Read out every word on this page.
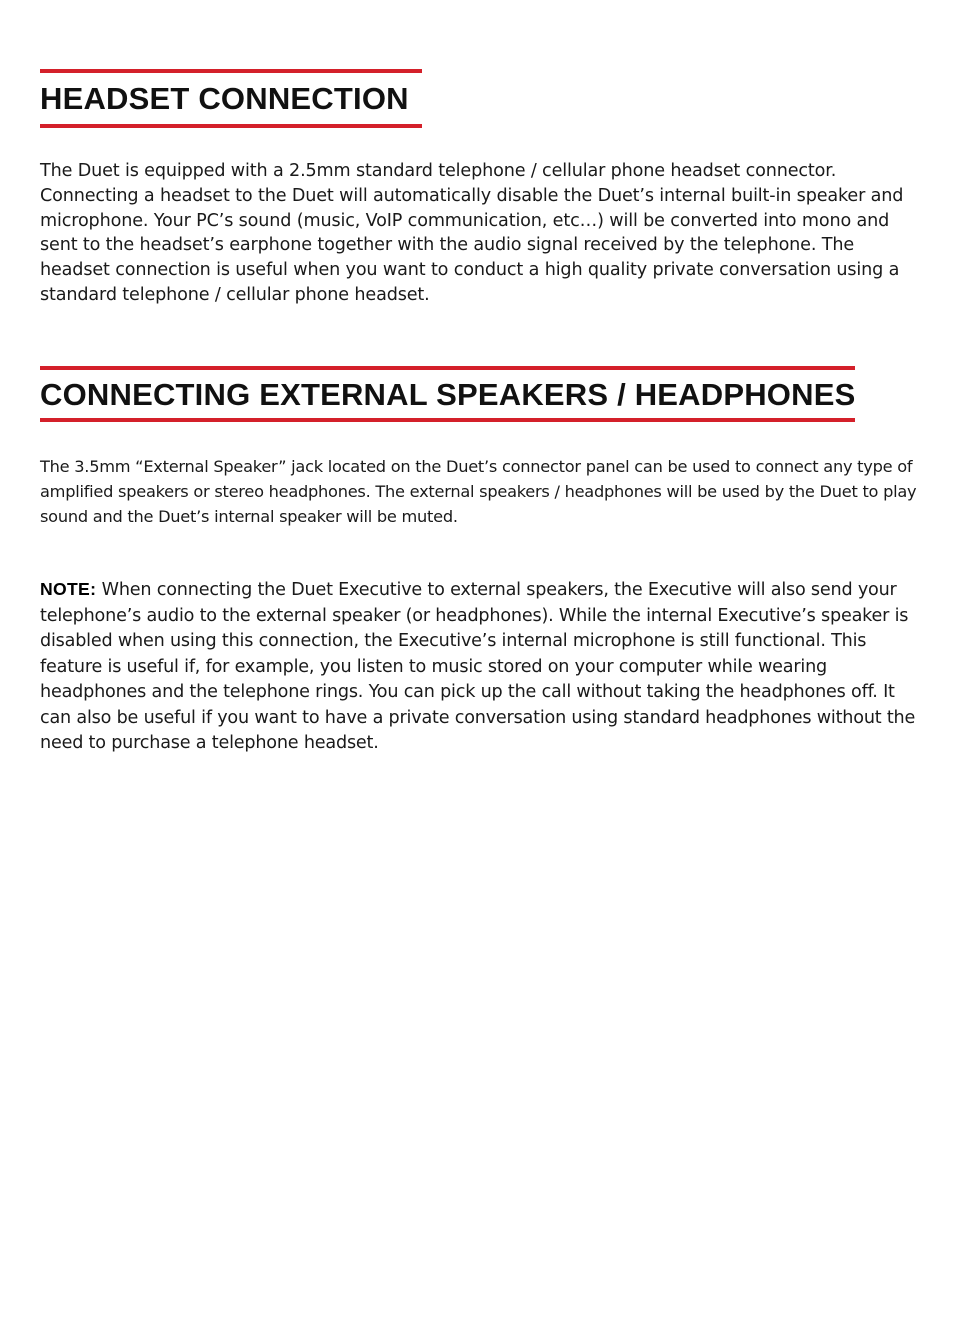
HEADSET CONNECTION

The Duet is equipped with a 2.5mm standard telephone / cellular phone headset connector. Connecting a headset to the Duet will automatically disable the Duet’s internal built-in speaker and microphone. Your PC’s sound (music, VoIP communication, etc…) will be converted into mono and sent to the headset’s earphone together with the audio signal received by the telephone. The headset connection is useful when you want to conduct a high quality private conversation using a standard telephone / cellular phone headset.

CONNECTING EXTERNAL SPEAKERS / HEADPHONES

The 3.5mm “External Speaker” jack located on the Duet’s connector panel can be used to connect any type of amplified speakers or stereo headphones. The external speakers / headphones will be used by the Duet to play sound and the Duet’s internal speaker will be muted.

NOTE: When connecting the Duet Executive to external speakers, the Executive will also send your telephone’s audio to the external speaker (or headphones). While the internal Executive’s speaker is disabled when using this connection, the Executive’s internal microphone is still functional. This feature is useful if, for example, you listen to music stored on your computer while wearing headphones and the telephone rings. You can pick up the call without taking the headphones off. It can also be useful if you want to have a private conversation using standard headphones without the need to purchase a telephone headset.
